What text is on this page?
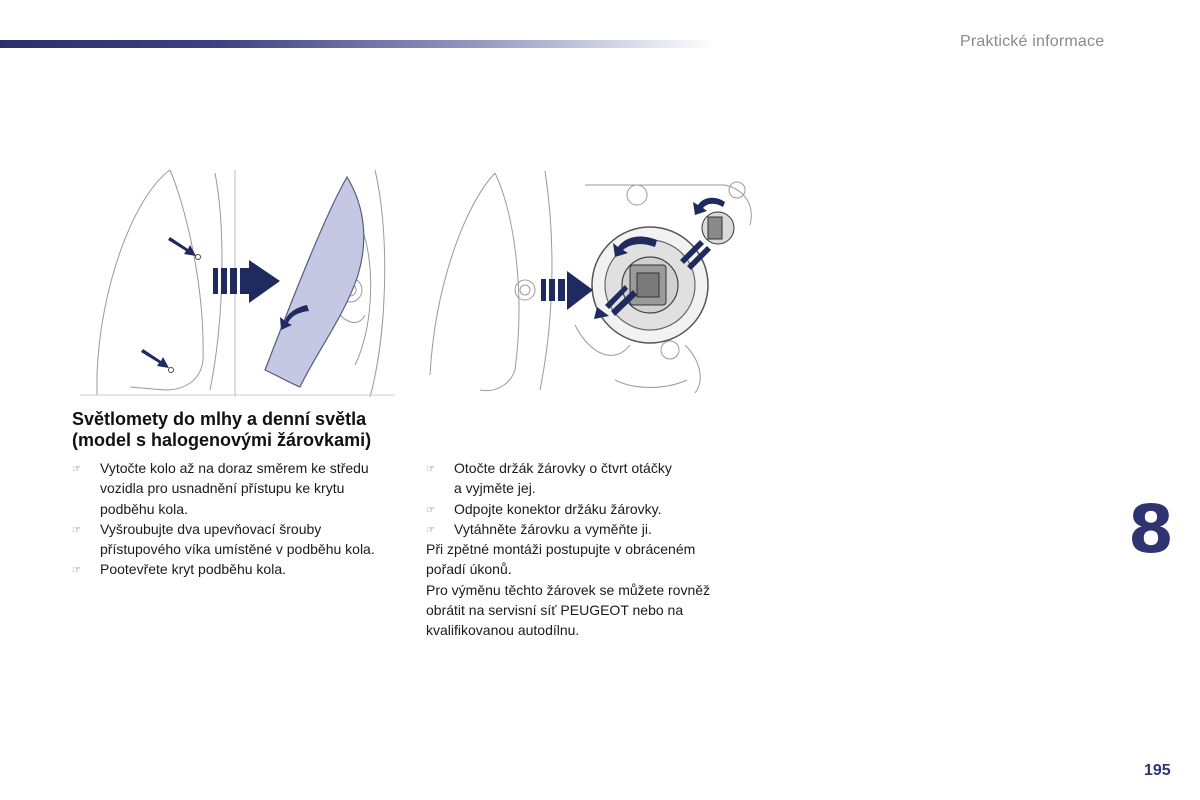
Praktické informace
Světlomety do mlhy a denní světla
(model s halogenovými žárovkami)
☞ Vytočte kolo až na doraz směrem ke středu
vozidla pro usnadnění přístupu ke krytu
podběhu kola.
☞ Vyšroubujte dva upevňovací šrouby
přístupového víka umístěné v podběhu kola.
☞ Pootevřete kryt podběhu kola.
☞ Otočte držák žárovky o čtvrt otáčky
a vyjměte jej.
☞ Odpojte konektor držáku žárovky.
☞ Vytáhněte žárovku a vyměňte ji.
Při zpětné montáži postupujte v obráceném
pořadí úkonů.
Pro výměnu těchto žárovek se můžete rovněž
obrátit na servisní síť PEUGEOT nebo na
kvalifikovanou autodílnu.
8
195
